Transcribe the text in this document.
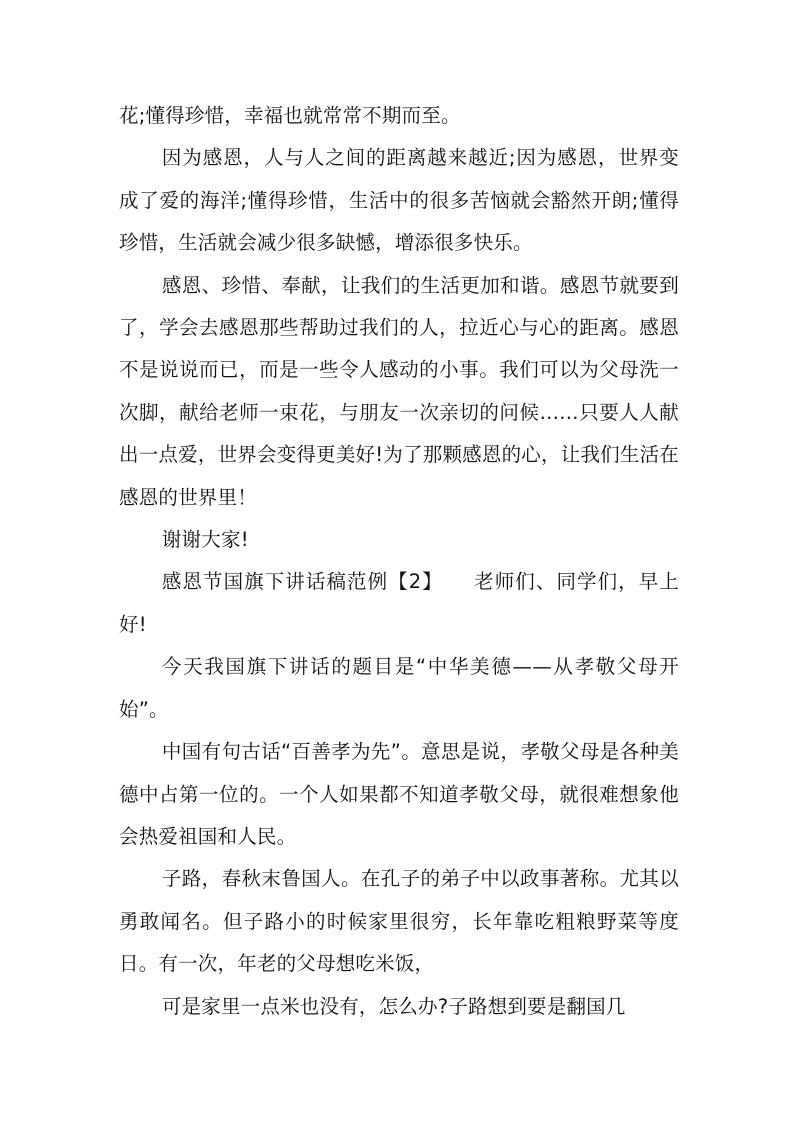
花;懂得珍惜，幸福也就常常不期而至。

因为感恩，人与人之间的距离越来越近;因为感恩，世界变成了爱的海洋;懂得珍惜，生活中的很多苦恼就会豁然开朗;懂得珍惜，生活就会减少很多缺憾，增添很多快乐。

感恩、珍惜、奉献，让我们的生活更加和谐。感恩节就要到了，学会去感恩那些帮助过我们的人，拉近心与心的距离。感恩不是说说而已，而是一些令人感动的小事。我们可以为父母洗一次脚，献给老师一束花，与朋友一次亲切的问候……只要人人献出一点爱，世界会变得更美好!为了那颗感恩的心，让我们生活在感恩的世界里！

谢谢大家!

感恩节国旗下讲话稿范例【2】　　老师们、同学们，早上好!

今天我国旗下讲话的题目是“中华美德——从孝敬父母开始”。

中国有句古话“百善孝为先”。意思是说，孝敬父母是各种美德中占第一位的。一个人如果都不知道孝敬父母，就很难想象他会热爱祖国和人民。

子路，春秋末鲁国人。在孔子的弟子中以政事著称。尤其以勇敢闻名。但子路小的时候家里很穷，长年靠吃粗粮野菜等度日。有一次，年老的父母想吃米饭，

可是家里一点米也没有，怎么办?子路想到要是翻国几
